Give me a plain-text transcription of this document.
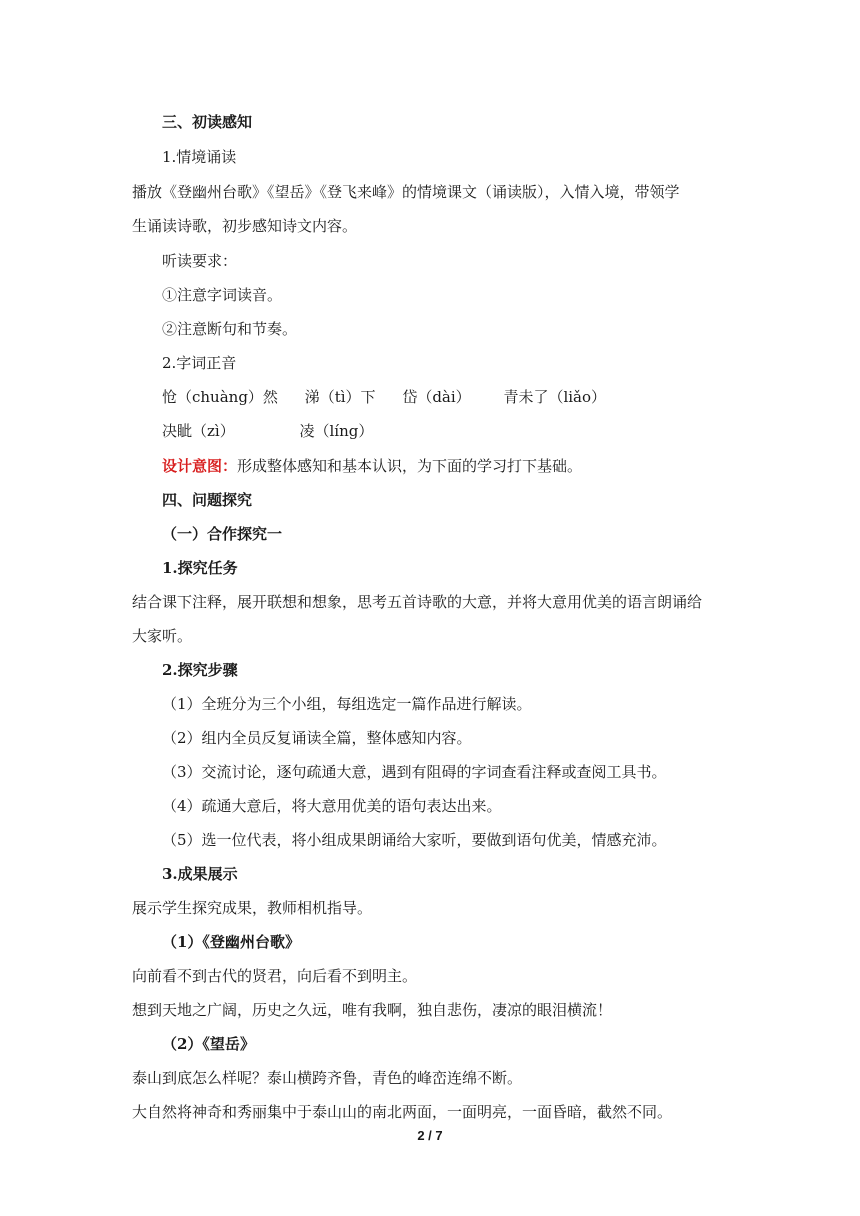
三、初读感知
1.情境诵读
播放《登幽州台歌》《望岳》《登飞来峰》的情境课文（诵读版），入情入境，带领学
生诵读诗歌，初步感知诗文内容。
听读要求：
①注意字词读音。
②注意断句和节奏。
2.字词正音
怆（chuàng）然 涕（tì）下 岱（dài） 青未了（liǎo）
决眦（zì）	凌（líng）
设计意图：形成整体感知和基本认识，为下面的学习打下基础。
四、问题探究
（一）合作探究一
1.探究任务
结合课下注释，展开联想和想象，思考五首诗歌的大意，并将大意用优美的语言朗诵给
大家听。
2.探究步骤
（1）全班分为三个小组，每组选定一篇作品进行解读。
（2）组内全员反复诵读全篇，整体感知内容。
（3）交流讨论，逐句疏通大意，遇到有阻碍的字词查看注释或查阅工具书。
（4）疏通大意后，将大意用优美的语句表达出来。
（5）选一位代表，将小组成果朗诵给大家听，要做到语句优美，情感充沛。
3.成果展示
展示学生探究成果，教师相机指导。
（1）《登幽州台歌》
向前看不到古代的贤君，向后看不到明主。
想到天地之广阔，历史之久远，唯有我啊，独自悲伤，凄凉的眼泪横流！
（2）《望岳》
泰山到底怎么样呢？泰山横跨齐鲁，青色的峰峦连绵不断。
大自然将神奇和秀丽集中于泰山山的南北两面，一面明亮，一面昏暗，截然不同。
2 / 7
